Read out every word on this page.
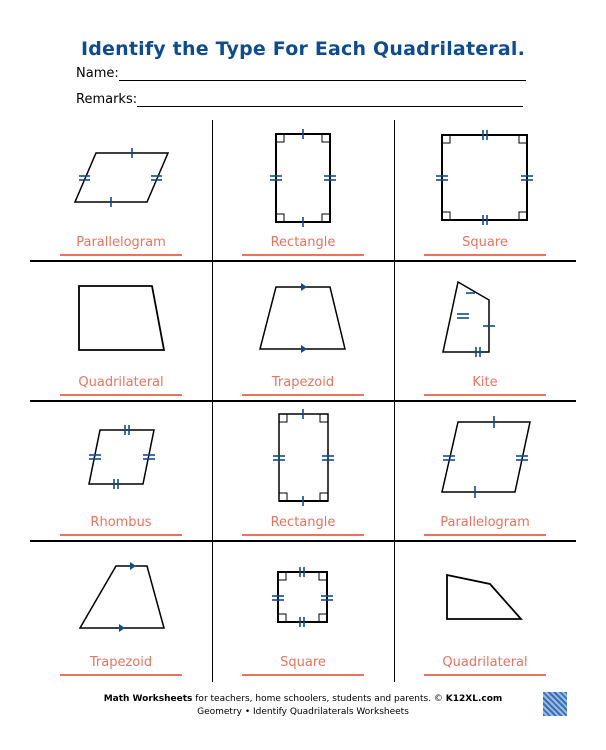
Identify the Type For Each Quadrilateral.
Name:
Remarks:
Parallelogram	Rectangle	Square
Quadrilateral	Trapezoid	Kite
Rhombus	Rectangle	Parallelogram
Trapezoid	Square	Quadrilateral
Math Worksheets for teachers, home schoolers, students and parents. © K12XL.com
Geometry • Identify Quadrilaterals Worksheets
